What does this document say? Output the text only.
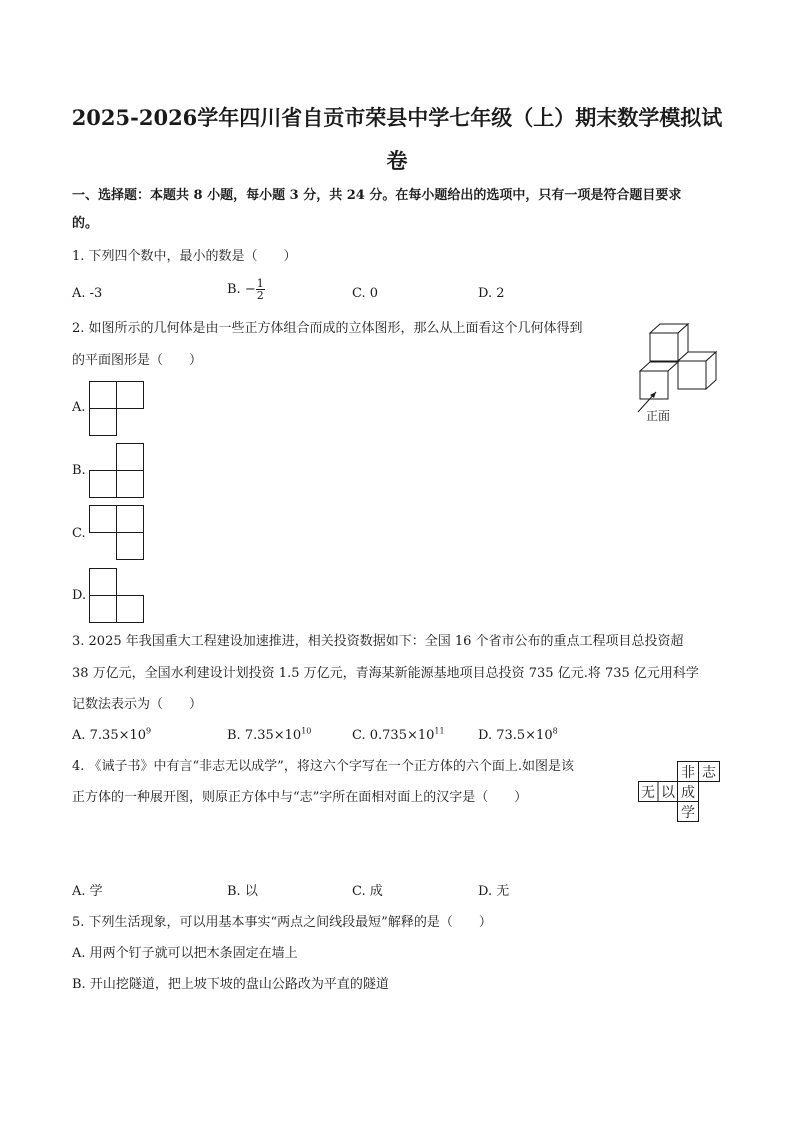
2025-2026学年四川省自贡市荣县中学七年级（上）期末数学模拟试
卷

一、选择题：本题共 8 小题，每小题 3 分，共 24 分。在每小题给出的选项中，只有一项是符合题目要求

的。

1. 下列四个数中，最小的数是（　　）

A. -3	B. − $\frac{1}{2}$	C. 0	D. 2

2. 如图所示的几何体是由一些正方体组合而成的立体图形，那么从上面看这个几何体得到

的平面图形是（　　）

正面
A.
B.
C.
D.

3. 2025 年我国重大工程建设加速推进，相关投资数据如下：全国 16 个省市公布的重点工程项目总投资超

38 万亿元，全国水利建设计划投资 1.5 万亿元，青海某新能源基地项目总投资 735 亿元.将 735 亿元用科学

记数法表示为（　　）

A. $7.35\times 10^9$	B. $7.35\times 10^{10}$	C. $0.735\times 10^{11}$	D. $73.5\times 10^8$

4. 《诫子书》中有言“非志无以成学”，将这六个字写在一个正方体的六个面上.如图是该

正方体的一种展开图，则原正方体中与“志”字所在面相对面上的汉字是（　　）

非 志
无 以 成
学
A. 学	B. 以	C. 成	D. 无

5. 下列生活现象，可以用基本事实“两点之间线段最短”解释的是（　　）

A. 用两个钉子就可以把木条固定在墙上

B. 开山挖隧道，把上坡下坡的盘山公路改为平直的隧道
